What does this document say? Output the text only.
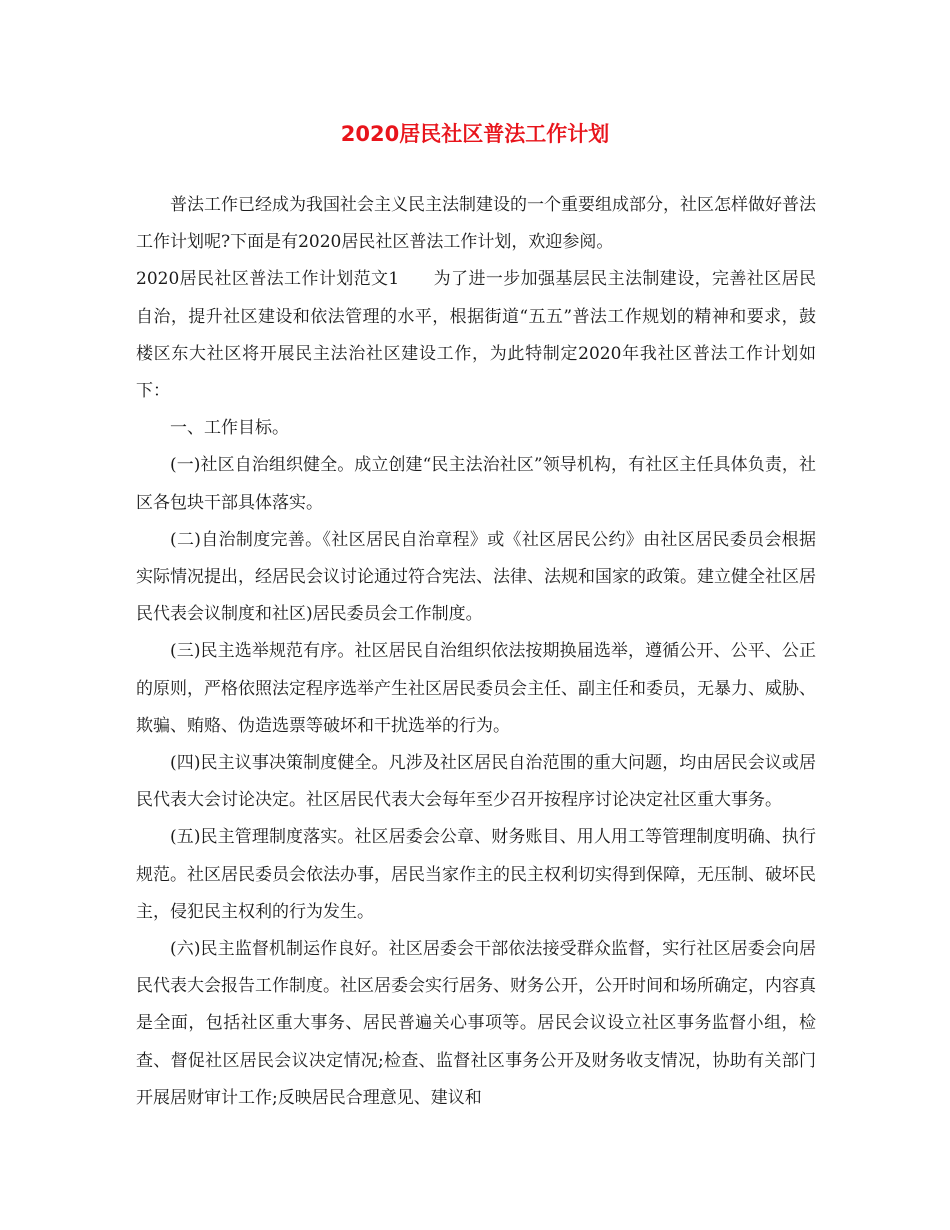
2020居民社区普法工作计划

普法工作已经成为我国社会主义民主法制建设的一个重要组成部分，社区怎样做好普法工作计划呢?下面是有2020居民社区普法工作计划，欢迎参阅。

2020居民社区普法工作计划范文1 为了进一步加强基层民主法制建设，完善社区居民自治，提升社区建设和依法管理的水平，根据街道“五五”普法工作规划的精神和要求，鼓楼区东大社区将开展民主法治社区建设工作，为此特制定2020年我社区普法工作计划如下：

一、工作目标。

(一)社区自治组织健全。成立创建“民主法治社区”领导机构，有社区主任具体负责，社区各包块干部具体落实。

(二)自治制度完善。《社区居民自治章程》或《社区居民公约》由社区居民委员会根据实际情况提出，经居民会议讨论通过符合宪法、法律、法规和国家的政策。建立健全社区居民代表会议制度和社区)居民委员会工作制度。

(三)民主选举规范有序。社区居民自治组织依法按期换届选举，遵循公开、公平、公正的原则，严格依照法定程序选举产生社区居民委员会主任、副主任和委员，无暴力、威胁、欺骗、贿赂、伪造选票等破坏和干扰选举的行为。

(四)民主议事决策制度健全。凡涉及社区居民自治范围的重大问题，均由居民会议或居民代表大会讨论决定。社区居民代表大会每年至少召开按程序讨论决定社区重大事务。

(五)民主管理制度落实。社区居委会公章、财务账目、用人用工等管理制度明确、执行规范。社区居民委员会依法办事，居民当家作主的民主权利切实得到保障，无压制、破坏民主，侵犯民主权利的行为发生。

(六)民主监督机制运作良好。社区居委会干部依法接受群众监督，实行社区居委会向居民代表大会报告工作制度。社区居委会实行居务、财务公开，公开时间和场所确定，内容真是全面，包括社区重大事务、居民普遍关心事项等。居民会议设立社区事务监督小组，检查、督促社区居民会议决定情况;检查、监督社区事务公开及财务收支情况，协助有关部门开展居财审计工作;反映居民合理意见、建议和
